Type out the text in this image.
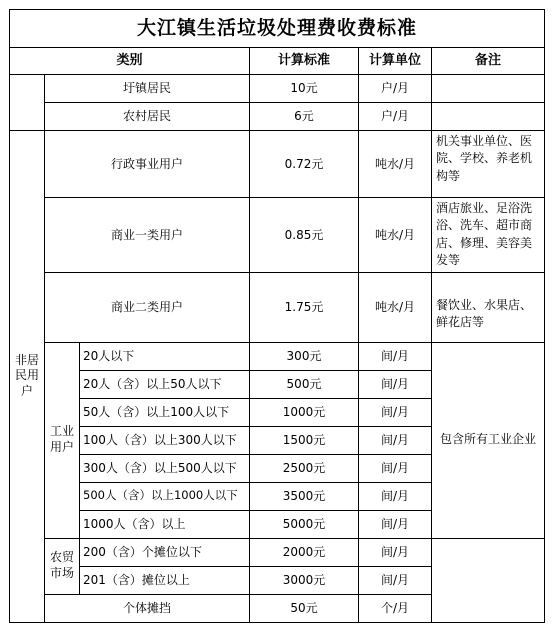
大江镇生活垃圾处理费收费标准					
类别			计算标准	计算单位	备注
	圩镇居民		10元	户/月	
	农村居民		6元	户/月	
非居民用户	行政事业用户		0.72元	吨水/月	机关事业单位、医院、学校、养老机构等
	商业一类用户		0.85元	吨水/月	酒店旅业、足浴洗浴、洗车、超市商店、修理、美容美发等
	商业二类用户		1.75元	吨水/月	餐饮业、水果店、鲜花店等
	工业用户	20人以下	300元	间/月	包含所有工业企业
		20人（含）以上50人以下	500元	间/月	
		50人（含）以上100人以下	1000元	间/月	
		100人（含）以上300人以下	1500元	间/月	
		300人（含）以上500人以下	2500元	间/月	
		500人（含）以上1000人以下	3500元	间/月	
		1000人（含）以上	5000元	间/月	
	农贸市场	200（含）个摊位以下	2000元	间/月	
		201（含）摊位以上	3000元	间/月	
	个体摊挡		50元	个/月	
